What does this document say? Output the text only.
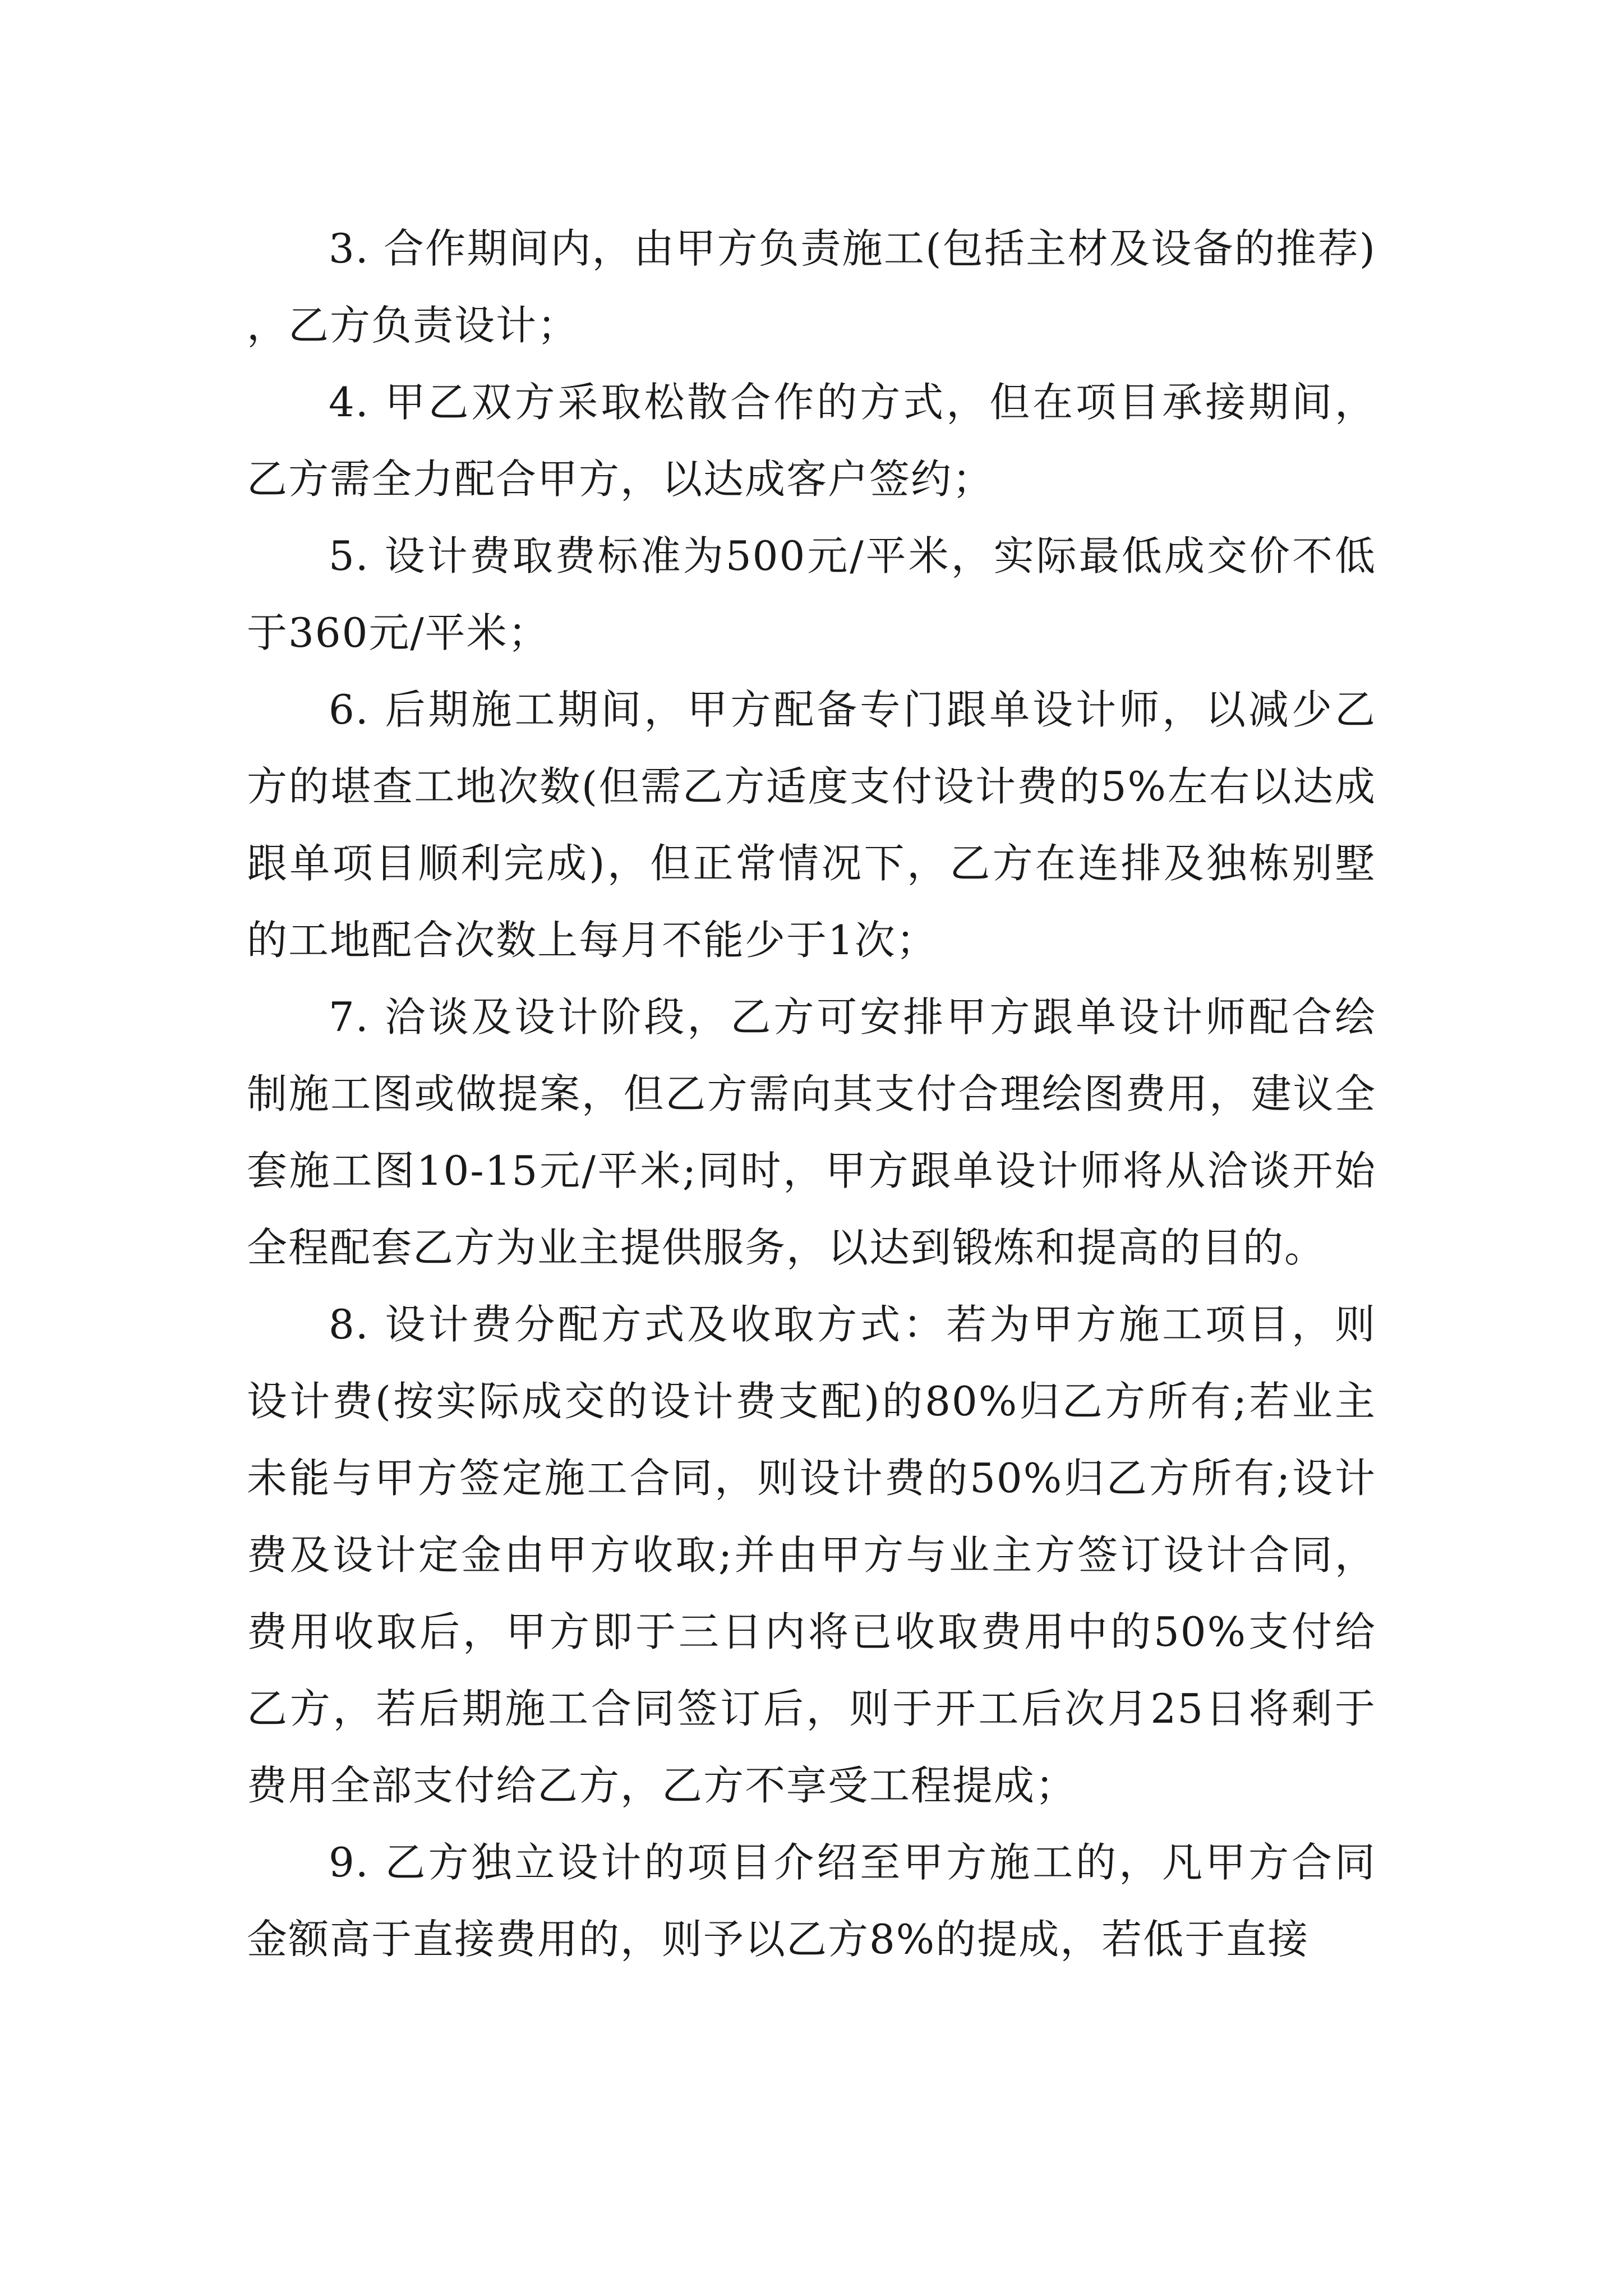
3. 合作期间内，由甲方负责施工(包括主材及设备的推荐)，乙方负责设计；

4. 甲乙双方采取松散合作的方式，但在项目承接期间，乙方需全力配合甲方，以达成客户签约；

5. 设计费取费标准为500元/平米，实际最低成交价不低于360元/平米；

6. 后期施工期间，甲方配备专门跟单设计师，以减少乙方的堪查工地次数(但需乙方适度支付设计费的5%左右以达成跟单项目顺利完成)，但正常情况下，乙方在连排及独栋别墅的工地配合次数上每月不能少于1次；

7. 洽谈及设计阶段，乙方可安排甲方跟单设计师配合绘制施工图或做提案，但乙方需向其支付合理绘图费用，建议全套施工图10-15元/平米;同时，甲方跟单设计师将从洽谈开始全程配套乙方为业主提供服务，以达到锻炼和提高的目的。

8. 设计费分配方式及收取方式：若为甲方施工项目，则设计费(按实际成交的设计费支配)的80%归乙方所有;若业主未能与甲方签定施工合同，则设计费的50%归乙方所有;设计费及设计定金由甲方收取;并由甲方与业主方签订设计合同，费用收取后，甲方即于三日内将已收取费用中的50%支付给乙方，若后期施工合同签订后，则于开工后次月25日将剩于费用全部支付给乙方，乙方不享受工程提成；

9. 乙方独立设计的项目介绍至甲方施工的，凡甲方合同金额高于直接费用的，则予以乙方8%的提成，若低于直接
